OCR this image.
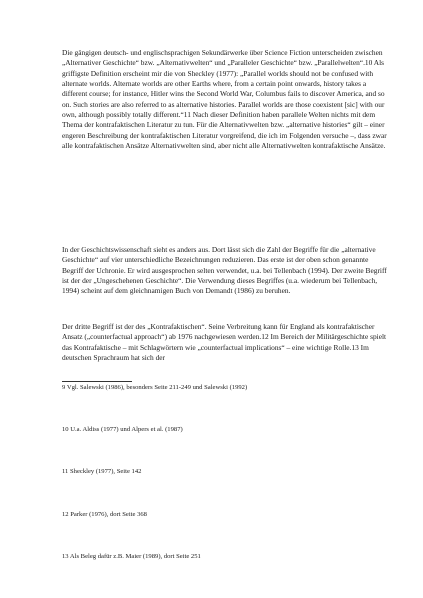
Die gängigen deutsch- und englischsprachigen Sekundärwerke über Science Fiction unterscheiden zwischen „Alternativer Geschichte“ bzw. „Alternativwelten“ und „Paralleler Geschichte“ bzw. „Parallelwelten“.10 Als griffigste Definition erscheint mir die von Sheckley (1977): „Parallel worlds should not be confused with alternate worlds. Alternate worlds are other Earths where, from a certain point onwards, history takes a different course; for instance, Hitler wins the Second World War, Columbus fails to discover America, and so on. Such stories are also referred to as alternative histories. Parallel worlds are those coexistent [sic] with our own, although possibly totally different.“11 Nach dieser Definition haben parallele Welten nichts mit dem Thema der kontrafaktischen Literatur zu tun. Für die Alternativwelten bzw. „alternative histories“ gilt – einer engeren Beschreibung der kontrafaktischen Literatur vorgreifend, die ich im Folgenden versuche –, dass zwar alle kontrafaktischen Ansätze Alternativwelten sind, aber nicht alle Alternativwelten kontrafaktische Ansätze.

In der Geschichtswissenschaft sieht es anders aus. Dort lässt sich die Zahl der Begriffe für die „alternative Geschichte“ auf vier unterschiedliche Bezeichnungen reduzieren. Das erste ist der oben schon genannte Begriff der Uchronie. Er wird ausgesprochen selten verwendet, u.a. bei Tellenbach (1994). Der zweite Begriff ist der der „Ungeschehenen Geschichte“. Die Verwendung dieses Begriffes (u.a. wiederum bei Tellenbach, 1994) scheint auf dem gleichnamigen Buch von Demandt (1986) zu beruhen.

Der dritte Begriff ist der des „Kontrafaktischen“. Seine Verbreitung kann für England als kontrafaktischer Ansatz („counterfactual approach“) ab 1976 nachgewiesen werden.12 Im Bereich der Militärgeschichte spielt das Kontrafaktische – mit Schlagwörtern wie „counterfactual implications“ – eine wichtige Rolle.13 Im deutschen Sprachraum hat sich der

9 Vgl. Salewski (1986), besonders Seite 211-249 und Salewski (1992)

10 U.a. Aldiss (1977) und Alpers et al. (1987)

11 Sheckley (1977), Seite 142

12 Parker (1976), dort Seite 368

13 Als Beleg dafür z.B. Maier (1989), dort Seite 251
